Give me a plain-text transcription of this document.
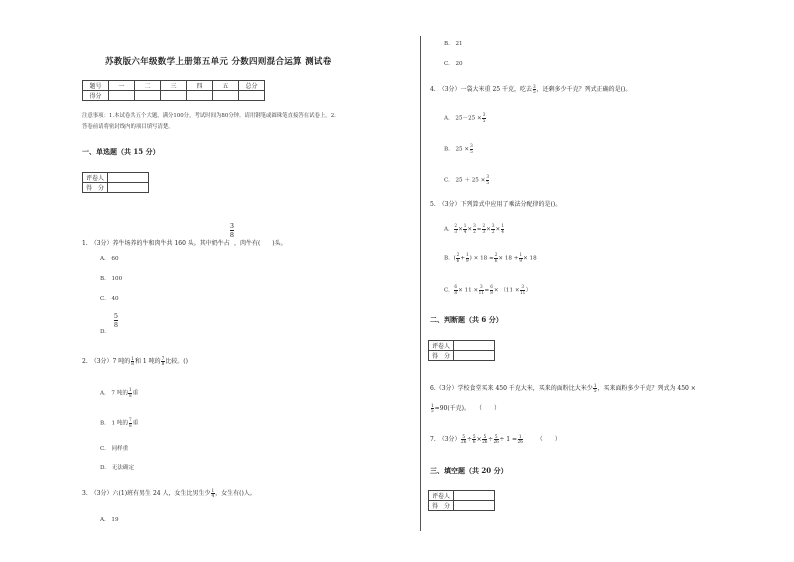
苏教版六年级数学上册第五单元 分数四则混合运算 测试卷
题号	一	二	三	四	五	总分
得分						
注意事项：1.本试卷共五个大题，满分100分，考试时间为80分钟。请用钢笔或圆珠笔直接答在试卷上。2.
答卷前请将密封线内的项目填写清楚。
一、单选题（共 15 分）
评卷人	
得　分	
1.　（3分）养牛场养的牛和肉牛共 160 头。其中奶牛占
$\frac{3}{8}$，肉牛有(　　)头。
A.　60
B.　100
C.　40
D.
$\frac{5}{8}$
2.　（3分）7 吨的 $\frac{1}{8}$ 和 1 吨的 $\frac{7}{8}$ 比较。()
A.　7 吨的 $\frac{1}{8}$ 重
B.　1 吨的 $\frac{7}{8}$ 重
C.　同样重
D.　无法确定
3.　（3分）六(1)班有男生 24 人，女生比男生少 $\frac{1}{4}$ ，女生有()人。
A.　19
B.　21
C.　20
4.　（3分）一袋大米重 25 千克，吃去 $\frac{3}{5}$ ，还剩多少千克？列式正确的是()。
A.　$25-25 \times \frac{3}{5}$
B.　$25 \times \frac{3}{5}$
C.　$25 + 25 \times \frac{3}{5}$
5.　（3分）下列算式中应用了乘法分配律的是()。
A. $\frac{2}{3} \times \frac{1}{4} \times \frac{3}{2} = \frac{2}{3} \times \frac{3}{2} \times \frac{1}{4}$
B. ( $\frac{2}{6} + \frac{1}{9}$ ) × $18 = \frac{2}{6} \times 18 + \frac{1}{9} \times 18$
C. $\frac{6}{8} \times 11 \times \frac{3}{11} = \frac{6}{8} \times (11 \times \frac{3}{11}$ ）
二、判断题（共 6 分）
评卷人	
得　分	
6.（3分）学校食堂买来 450 千克大米，买来的面粉比大米少 $\frac{1}{5}$ ，买来面粉多少千克？列式为 450 ×
$\frac{1}{5} =90$(千克)。　　（　　）
7.　（3分） $\frac{5}{26} \div \frac{5}{6} \times \frac{5}{26} \div \frac{5}{26} \div 1 = \frac{1}{26}$ （　　）
三、填空题（共 20 分）
评卷人	
得　分	
